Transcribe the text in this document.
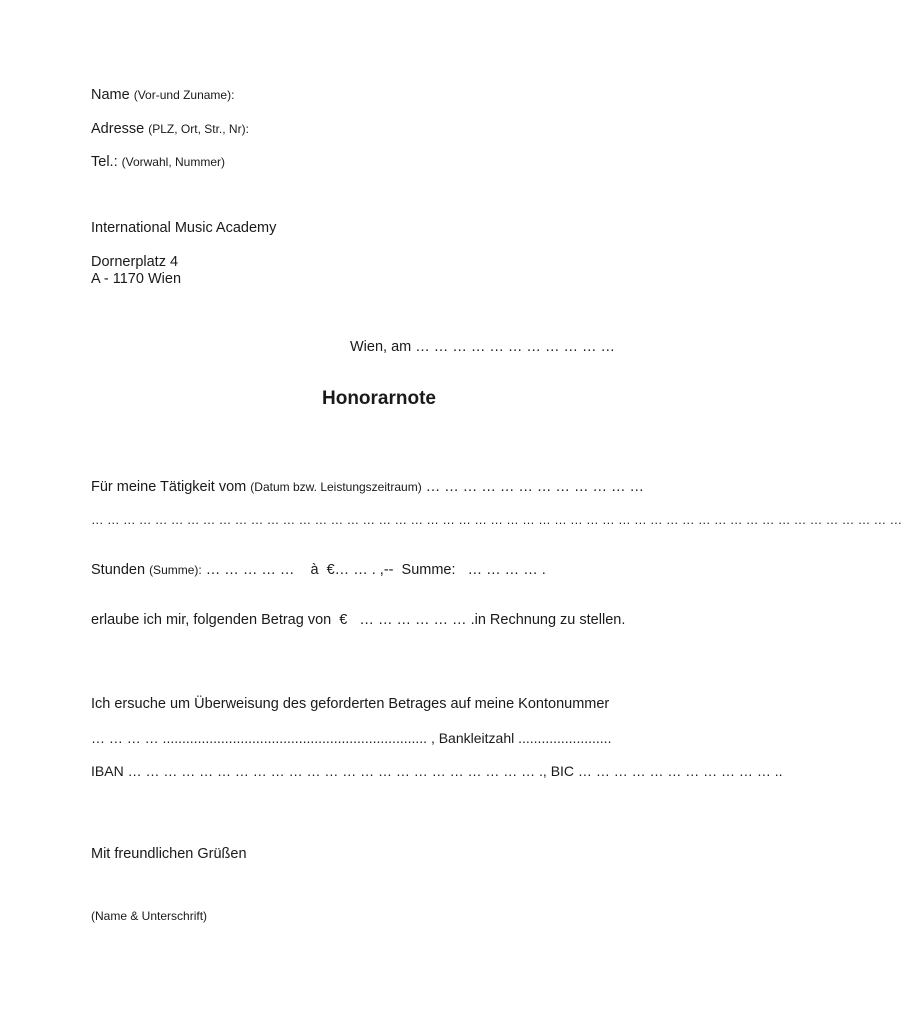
Name (Vor-und Zuname):
Adresse (PLZ, Ort, Str., Nr):
Tel.: (Vorwahl, Nummer)
International Music Academy
Dornerplatz 4
A - 1170 Wien
Wien, am … … … … … … … … … … …
Honorarnote
Für meine Tätigkeit vom (Datum bzw. Leistungszeitraum) … … … … … … … … … … … …
… … … … … … … … … … … … … … … … … … … … … … … … … … … … … … … … … … … … … … … … … … … … … … … … … … …
Stunden (Summe): … … … … …    à  €… … . ,--  Summe:   … … … … .
erlaube ich mir, folgenden Betrag von  €   … … … … … … .in Rechnung zu stellen.
Ich ersuche um Überweisung des geforderten Betrages auf meine Kontonummer
… … … … .................................................................... , Bankleitzahl ........................
IBAN … … … … … … … … … … … … … … … … … … … … … … … ., BIC … … … … … … … … … … … ..
Mit freundlichen Grüßen
(Name & Unterschrift)
